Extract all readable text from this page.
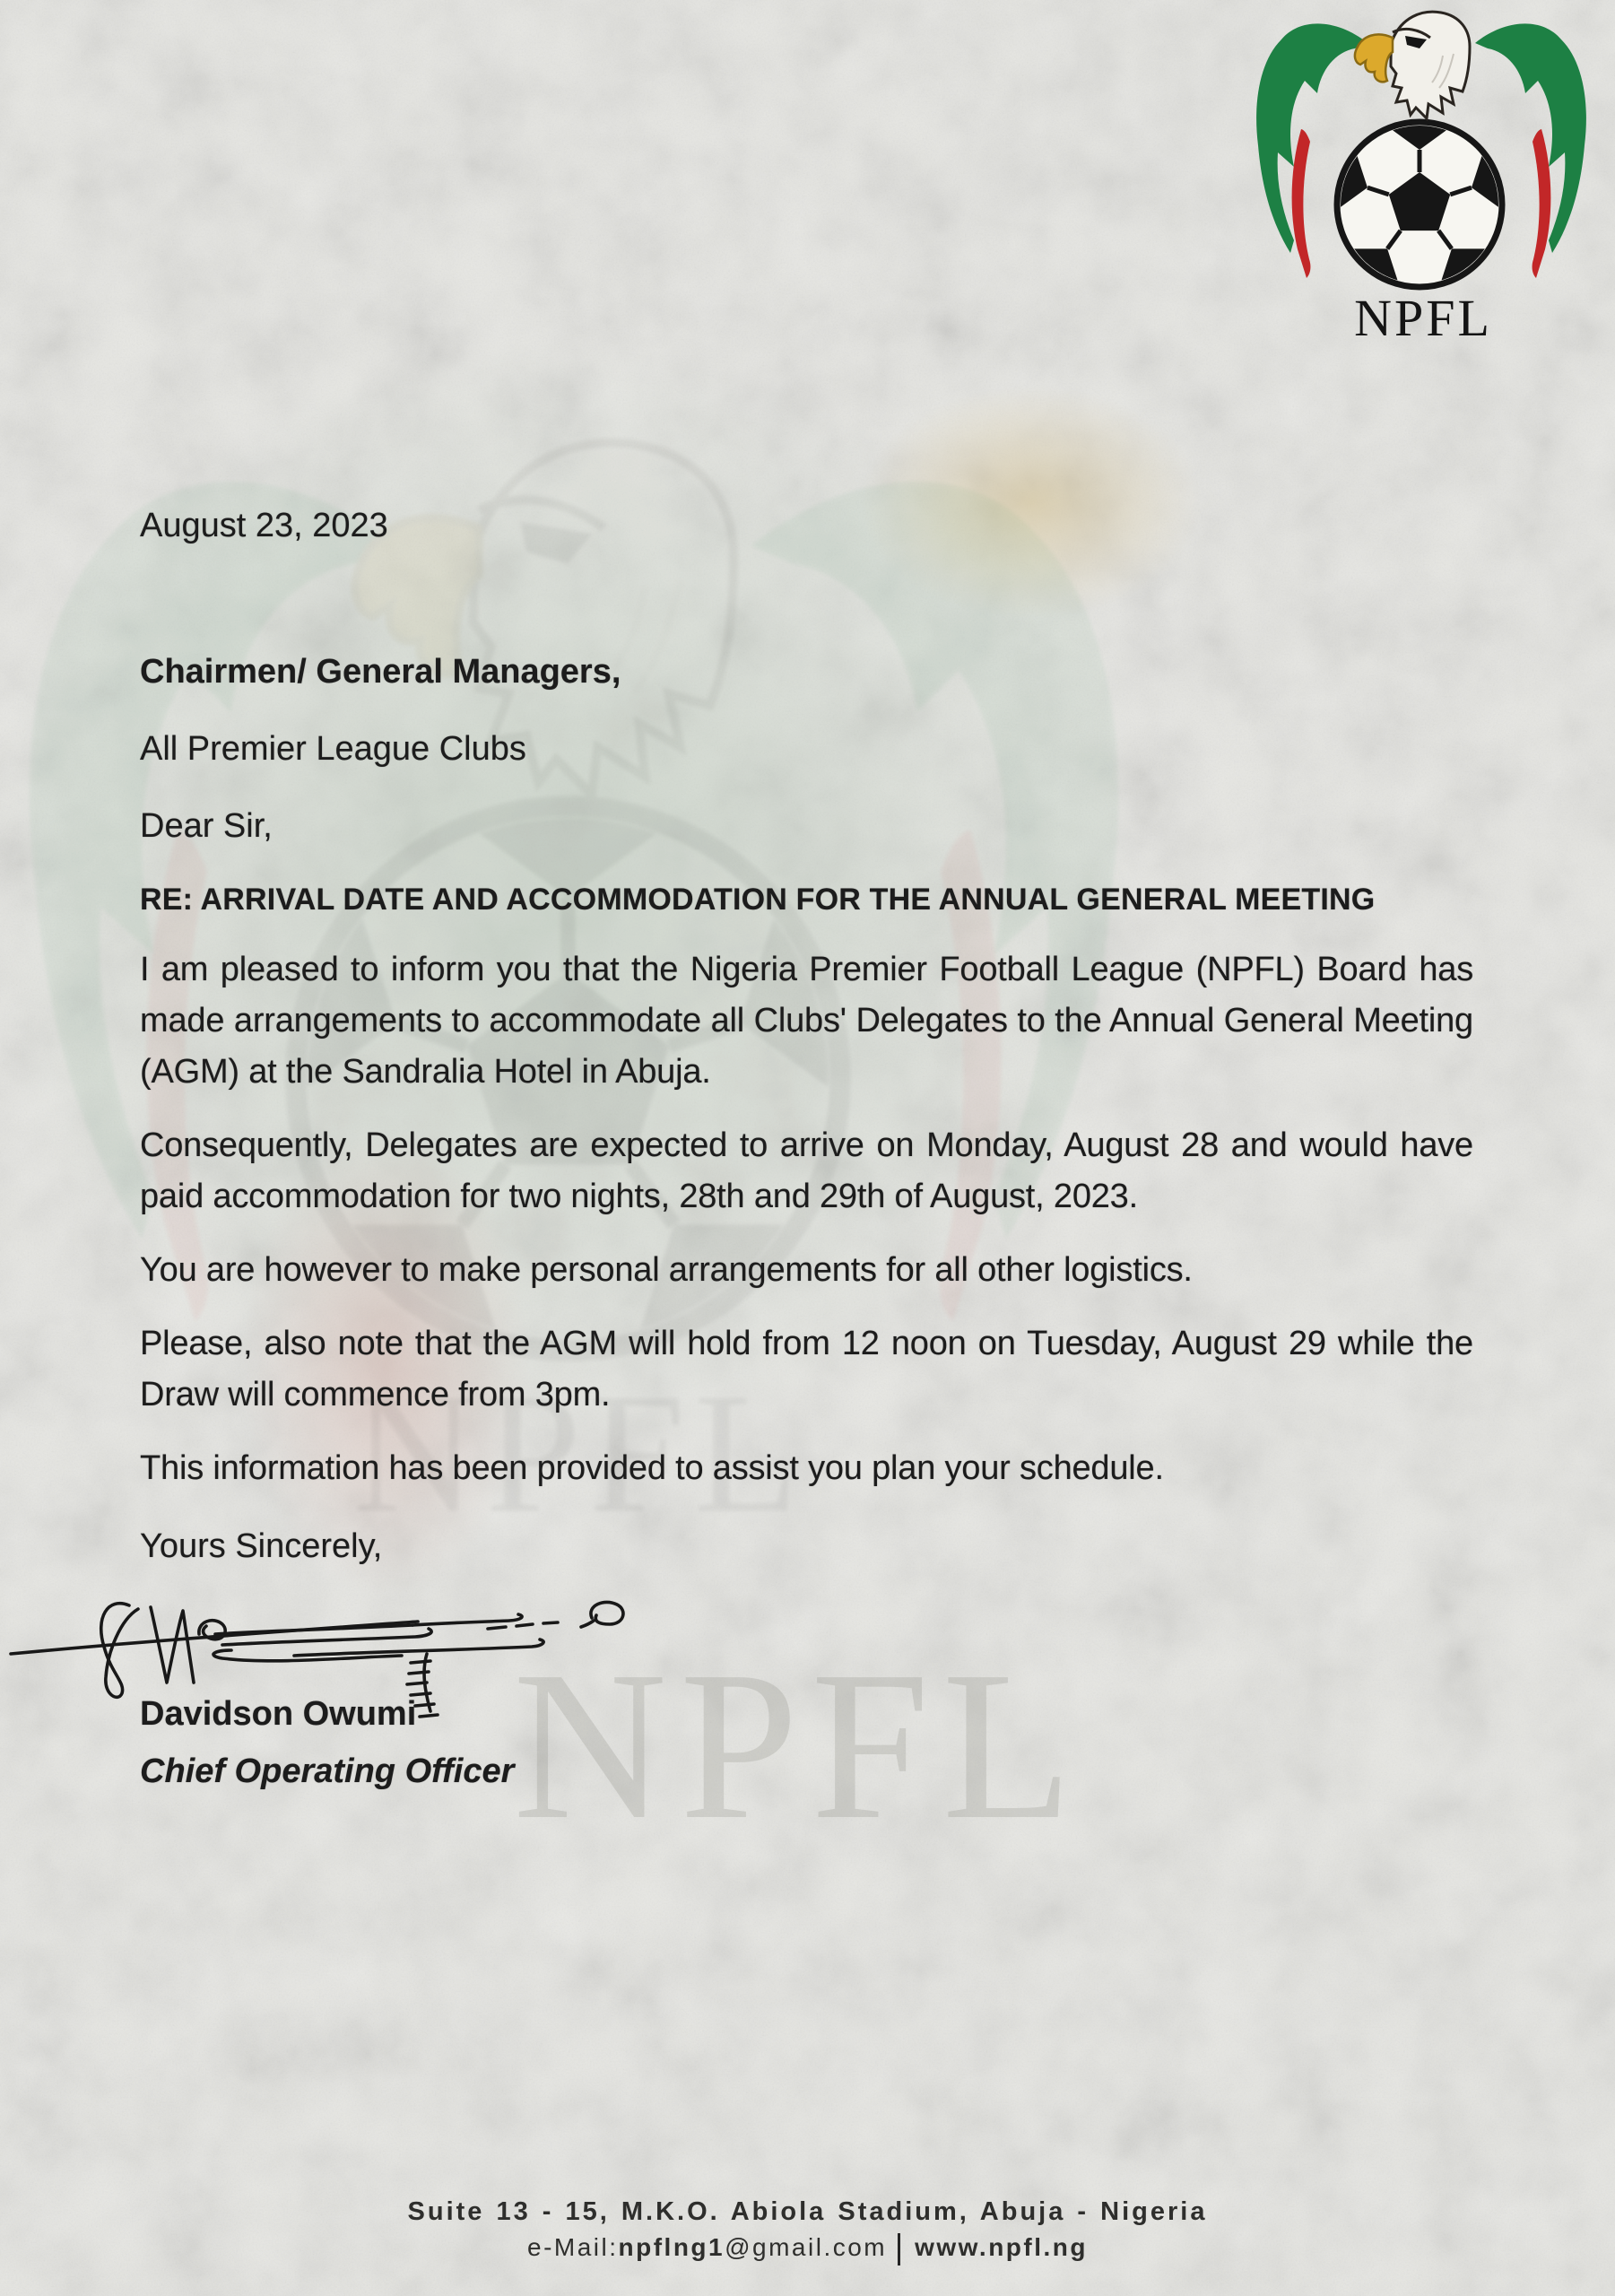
NPFL
NPFL
August 23, 2023
Chairmen/ General Managers,
All Premier League Clubs
Dear Sir,
RE: ARRIVAL DATE AND ACCOMMODATION FOR THE ANNUAL GENERAL MEETING

I am pleased to inform you that the Nigeria Premier Football League (NPFL) Board has made arrangements to accommodate all Clubs' Delegates to the Annual General Meeting (AGM) at the Sandralia Hotel in Abuja.

Consequently, Delegates are expected to arrive on Monday, August 28 and would have paid accommodation for two nights, 28th and 29th of August, 2023.

You are however to make personal arrangements for all other logistics.

Please, also note that the AGM will hold from 12 noon on Tuesday, August 29 while the Draw will commence from 3pm.

This information has been provided to assist you plan your schedule.

Yours Sincerely,
Davidson Owumi
Chief Operating Officer
Suite 13 - 15, M.K.O. Abiola Stadium, Abuja - Nigeria
e-Mail:npflng1@gmail.com www.npfl.ng
